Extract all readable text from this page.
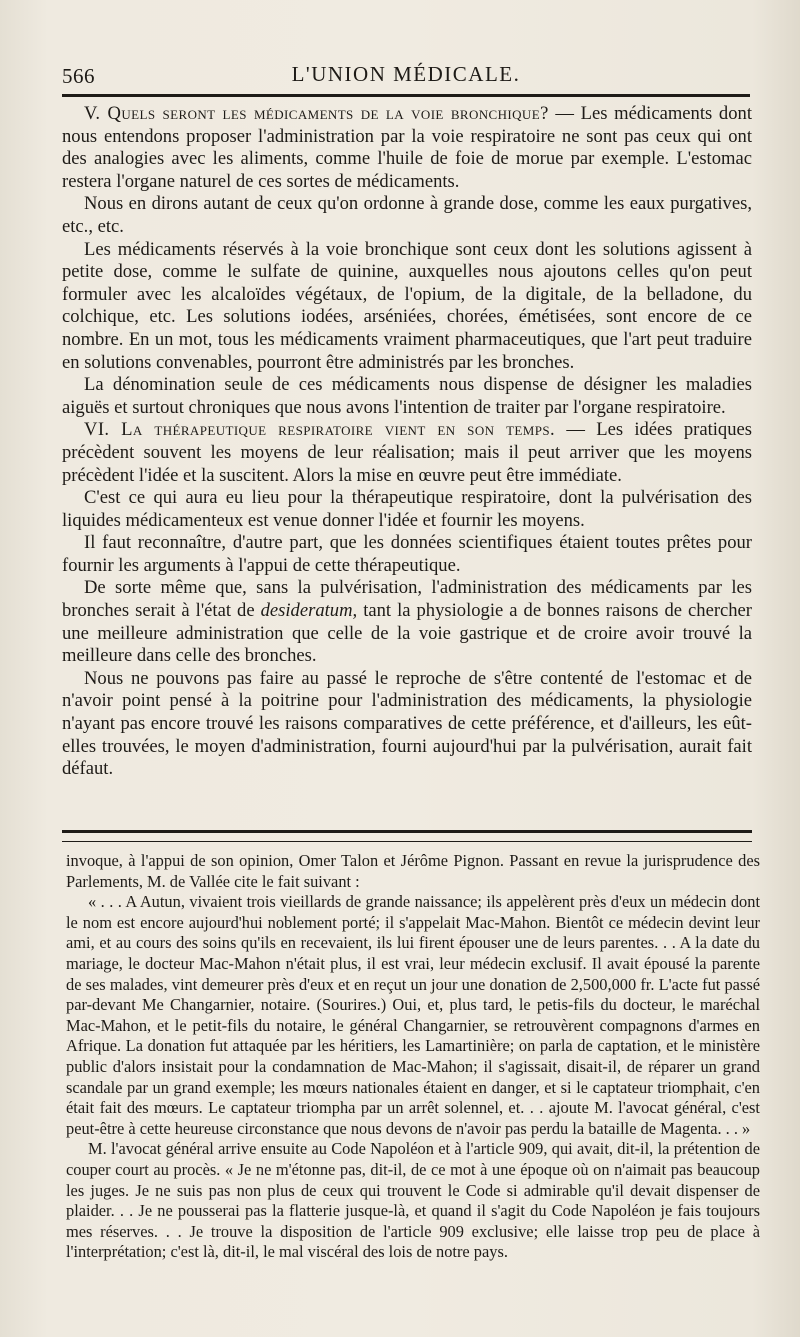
566	L'UNION MÉDICALE.

V. Quels seront les médicaments de la voie bronchique? — Les médicaments dont nous entendons proposer l'administration par la voie respiratoire ne sont pas ceux qui ont des analogies avec les aliments, comme l'huile de foie de morue par exemple. L'estomac restera l'organe naturel de ces sortes de médicaments.

Nous en dirons autant de ceux qu'on ordonne à grande dose, comme les eaux purgatives, etc., etc.

Les médicaments réservés à la voie bronchique sont ceux dont les solutions agissent à petite dose, comme le sulfate de quinine, auxquelles nous ajoutons celles qu'on peut formuler avec les alcaloïdes végétaux, de l'opium, de la digitale, de la belladone, du colchique, etc. Les solutions iodées, arséniées, chorées, émétisées, sont encore de ce nombre. En un mot, tous les médicaments vraiment pharmaceutiques, que l'art peut traduire en solutions convenables, pourront être administrés par les bronches.

La dénomination seule de ces médicaments nous dispense de désigner les maladies aiguës et surtout chroniques que nous avons l'intention de traiter par l'organe respiratoire.

VI. La thérapeutique respiratoire vient en son temps. — Les idées pratiques précèdent souvent les moyens de leur réalisation; mais il peut arriver que les moyens précèdent l'idée et la suscitent. Alors la mise en œuvre peut être immédiate.

C'est ce qui aura eu lieu pour la thérapeutique respiratoire, dont la pulvérisation des liquides médicamenteux est venue donner l'idée et fournir les moyens.

Il faut reconnaître, d'autre part, que les données scientifiques étaient toutes prêtes pour fournir les arguments à l'appui de cette thérapeutique.

De sorte même que, sans la pulvérisation, l'administration des médicaments par les bronches serait à l'état de desideratum, tant la physiologie a de bonnes raisons de chercher une meilleure administration que celle de la voie gastrique et de croire avoir trouvé la meilleure dans celle des bronches.

Nous ne pouvons pas faire au passé le reproche de s'être contenté de l'estomac et de n'avoir point pensé à la poitrine pour l'administration des médicaments, la physiologie n'ayant pas encore trouvé les raisons comparatives de cette préférence, et d'ailleurs, les eût-elles trouvées, le moyen d'administration, fourni aujourd'hui par la pulvérisation, aurait fait défaut.

invoque, à l'appui de son opinion, Omer Talon et Jérôme Pignon. Passant en revue la jurisprudence des Parlements, M. de Vallée cite le fait suivant :

« . . . A Autun, vivaient trois vieillards de grande naissance; ils appelèrent près d'eux un médecin dont le nom est encore aujourd'hui noblement porté; il s'appelait Mac-Mahon. Bientôt ce médecin devint leur ami, et au cours des soins qu'ils en recevaient, ils lui firent épouser une de leurs parentes. . . A la date du mariage, le docteur Mac-Mahon n'était plus, il est vrai, leur médecin exclusif. Il avait épousé la parente de ses malades, vint demeurer près d'eux et en reçut un jour une donation de 2,500,000 fr. L'acte fut passé par-devant Me Changarnier, notaire. (Sourires.) Oui, et, plus tard, le petis-fils du docteur, le maréchal Mac-Mahon, et le petit-fils du notaire, le général Changarnier, se retrouvèrent compagnons d'armes en Afrique. La donation fut attaquée par les héritiers, les Lamartinière; on parla de captation, et le ministère public d'alors insistait pour la condamnation de Mac-Mahon; il s'agissait, disait-il, de réparer un grand scandale par un grand exemple; les mœurs nationales étaient en danger, et si le captateur triomphait, c'en était fait des mœurs. Le captateur triompha par un arrêt solennel, et. . . ajoute M. l'avocat général, c'est peut-être à cette heureuse circonstance que nous devons de n'avoir pas perdu la bataille de Magenta. . . »

M. l'avocat général arrive ensuite au Code Napoléon et à l'article 909, qui avait, dit-il, la prétention de couper court au procès. « Je ne m'étonne pas, dit-il, de ce mot à une époque où on n'aimait pas beaucoup les juges. Je ne suis pas non plus de ceux qui trouvent le Code si admirable qu'il devait dispenser de plaider. . . Je ne pousserai pas la flatterie jusque-là, et quand il s'agit du Code Napoléon je fais toujours mes réserves. . . Je trouve la disposition de l'article 909 exclusive; elle laisse trop peu de place à l'interprétation; c'est là, dit-il, le mal viscéral des lois de notre pays.
